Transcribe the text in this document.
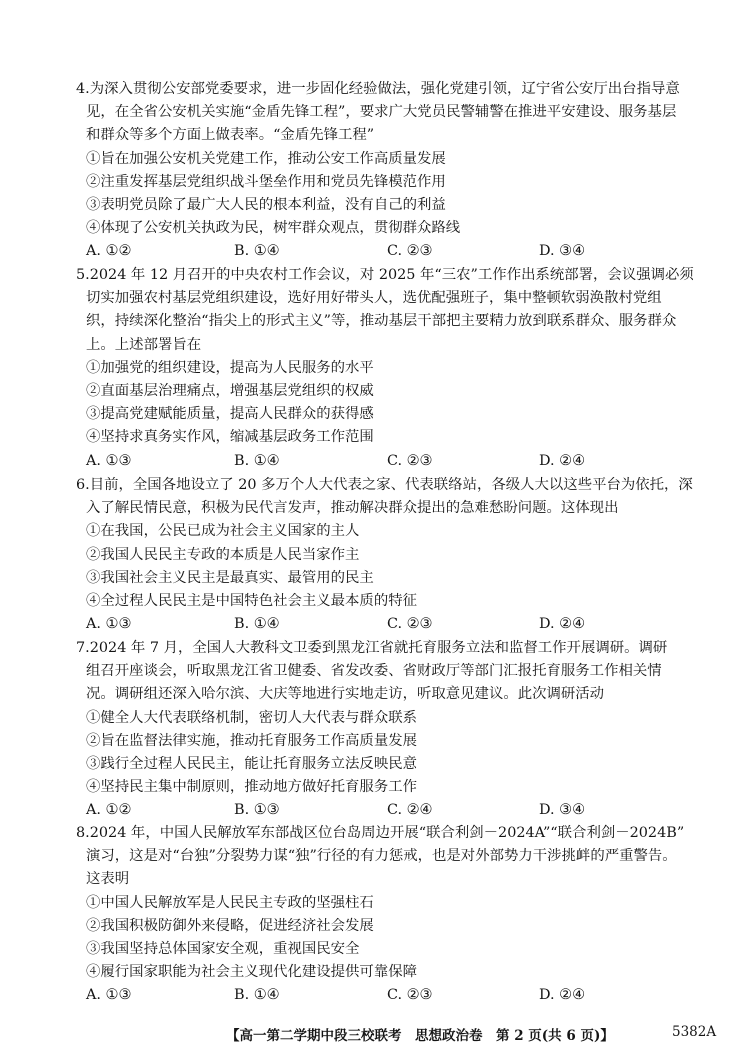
4.为深入贯彻公安部党委要求，进一步固化经验做法，强化党建引领，辽宁省公安厅出台指导意

见，在全省公安机关实施“金盾先锋工程”，要求广大党员民警辅警在推进平安建设、服务基层

和群众等多个方面上做表率。“金盾先锋工程”

①旨在加强公安机关党建工作，推动公安工作高质量发展

②注重发挥基层党组织战斗堡垒作用和党员先锋模范作用

③表明党员除了最广大人民的根本利益，没有自己的利益

④体现了公安机关执政为民，树牢群众观点，贯彻群众路线

A. ①②	B. ①④	C. ②③	D. ③④

5.2024 年 12 月召开的中央农村工作会议，对 2025 年“三农”工作作出系统部署，会议强调必须

切实加强农村基层党组织建设，选好用好带头人，选优配强班子，集中整顿软弱涣散村党组

织，持续深化整治“指尖上的形式主义”等，推动基层干部把主要精力放到联系群众、服务群众

上。上述部署旨在

①加强党的组织建设，提高为人民服务的水平

②直面基层治理痛点，增强基层党组织的权威

③提高党建赋能质量，提高人民群众的获得感

④坚持求真务实作风，缩减基层政务工作范围

A. ①③	B. ①④	C. ②③	D. ②④

6.目前，全国各地设立了 20 多万个人大代表之家、代表联络站，各级人大以这些平台为依托，深

入了解民情民意，积极为民代言发声，推动解决群众提出的急难愁盼问题。这体现出

①在我国，公民已成为社会主义国家的主人

②我国人民民主专政的本质是人民当家作主

③我国社会主义民主是最真实、最管用的民主

④全过程人民民主是中国特色社会主义最本质的特征

A. ①③	B. ①④	C. ②③	D. ②④

7.2024 年 7 月，全国人大教科文卫委到黑龙江省就托育服务立法和监督工作开展调研。调研

组召开座谈会，听取黑龙江省卫健委、省发改委、省财政厅等部门汇报托育服务工作相关情

况。调研组还深入哈尔滨、大庆等地进行实地走访，听取意见建议。此次调研活动

①健全人大代表联络机制，密切人大代表与群众联系

②旨在监督法律实施，推动托育服务工作高质量发展

③践行全过程人民民主，能让托育服务立法反映民意

④坚持民主集中制原则，推动地方做好托育服务工作

A. ①②	B. ①③	C. ②④	D. ③④

8.2024 年，中国人民解放军东部战区位台岛周边开展“联合利剑－2024A”“联合利剑－2024B”

演习，这是对“台独”分裂势力谋“独”行径的有力惩戒，也是对外部势力干涉挑衅的严重警告。

这表明

①中国人民解放军是人民民主专政的坚强柱石

②我国积极防御外来侵略，促进经济社会发展

③我国坚持总体国家安全观，重视国民安全

④履行国家职能为社会主义现代化建设提供可靠保障

A. ①③	B. ①④	C. ②③	D. ②④
【高一第二学期中段三校联考　思想政治卷　第 2 页(共 6 页)】	5382A
